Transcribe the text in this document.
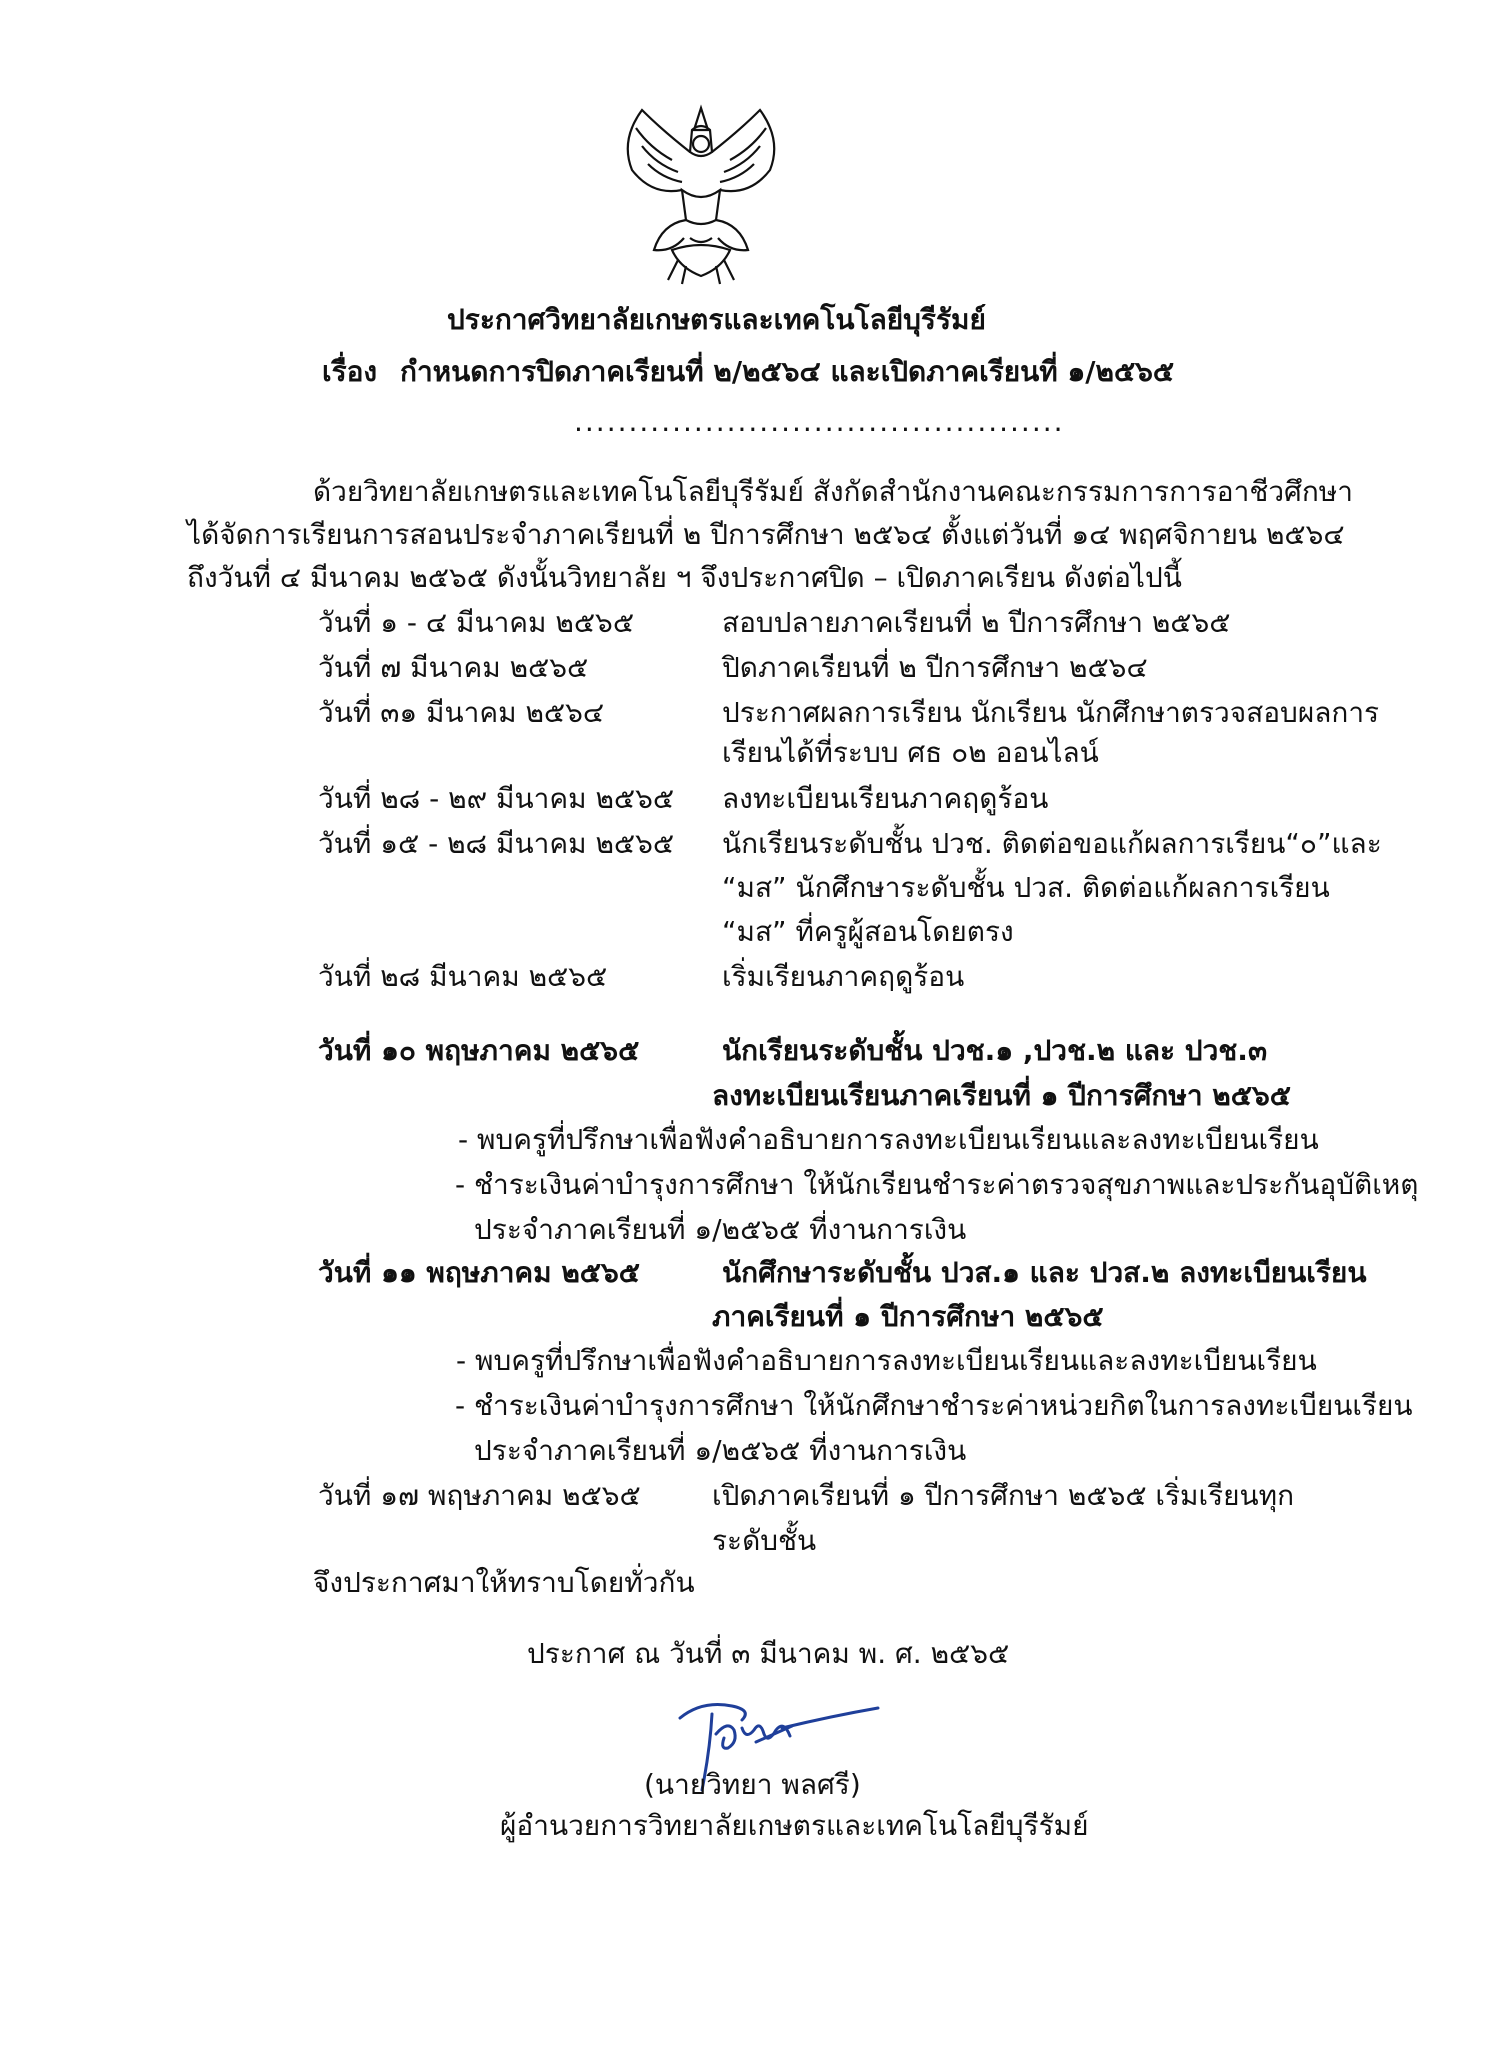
ประกาศวิทยาลัยเกษตรและเทคโนโลยีบุรีรัมย์
เรื่อง กำหนดการปิดภาคเรียนที่ ๒/๒๕๖๔ และเปิดภาคเรียนที่ ๑/๒๕๖๕
.............................................
ด้วยวิทยาลัยเกษตรและเทคโนโลยีบุรีรัมย์ สังกัดสำนักงานคณะกรรมการการอาชีวศึกษา
ได้จัดการเรียนการสอนประจำภาคเรียนที่ ๒ ปีการศึกษา ๒๕๖๔ ตั้งแต่วันที่ ๑๔ พฤศจิกายน ๒๕๖๔
ถึงวันที่ ๔ มีนาคม ๒๕๖๕ ดังนั้นวิทยาลัย ฯ จึงประกาศปิด – เปิดภาคเรียน ดังต่อไปนี้
วันที่ ๑ - ๔ มีนาคม ๒๕๖๕	สอบปลายภาคเรียนที่ ๒ ปีการศึกษา ๒๕๖๕
วันที่ ๗ มีนาคม ๒๕๖๕	ปิดภาคเรียนที่ ๒ ปีการศึกษา ๒๕๖๔
วันที่ ๓๑ มีนาคม ๒๕๖๔	ประกาศผลการเรียน นักเรียน นักศึกษาตรวจสอบผลการ
เรียนได้ที่ระบบ ศธ ๐๒ ออนไลน์
วันที่ ๒๘ - ๒๙ มีนาคม ๒๕๖๕ ลงทะเบียนเรียนภาคฤดูร้อน
วันที่ ๑๕ - ๒๘ มีนาคม ๒๕๖๕ นักเรียนระดับชั้น ปวช. ติดต่อขอแก้ผลการเรียน“๐”และ
“มส” นักศึกษาระดับชั้น ปวส. ติดต่อแก้ผลการเรียน
“มส” ที่ครูผู้สอนโดยตรง
วันที่ ๒๘ มีนาคม ๒๕๖๕	เริ่มเรียนภาคฤดูร้อน
วันที่ ๑๐ พฤษภาคม ๒๕๖๕	นักเรียนระดับชั้น ปวช.๑ ,ปวช.๒ และ ปวช.๓
ลงทะเบียนเรียนภาคเรียนที่ ๑ ปีการศึกษา ๒๕๖๕
- พบครูที่ปรึกษาเพื่อฟังคำอธิบายการลงทะเบียนเรียนและลงทะเบียนเรียน
- ชำระเงินค่าบำรุงการศึกษา ให้นักเรียนชำระค่าตรวจสุขภาพและประกันอุบัติเหตุ
ประจำภาคเรียนที่ ๑/๒๕๖๕ ที่งานการเงิน
วันที่ ๑๑ พฤษภาคม ๒๕๖๕	นักศึกษาระดับชั้น ปวส.๑ และ ปวส.๒ ลงทะเบียนเรียน
ภาคเรียนที่ ๑ ปีการศึกษา ๒๕๖๕
- พบครูที่ปรึกษาเพื่อฟังคำอธิบายการลงทะเบียนเรียนและลงทะเบียนเรียน
- ชำระเงินค่าบำรุงการศึกษา ให้นักศึกษาชำระค่าหน่วยกิตในการลงทะเบียนเรียน
ประจำภาคเรียนที่ ๑/๒๕๖๕ ที่งานการเงิน
วันที่ ๑๗ พฤษภาคม ๒๕๖๕	เปิดภาคเรียนที่ ๑ ปีการศึกษา ๒๕๖๕ เริ่มเรียนทุก
ระดับชั้น
จึงประกาศมาให้ทราบโดยทั่วกัน
ประกาศ ณ วันที่ ๓ มีนาคม พ. ศ. ๒๕๖๕
(นายวิทยา พลศรี)
ผู้อำนวยการวิทยาลัยเกษตรและเทคโนโลยีบุรีรัมย์
